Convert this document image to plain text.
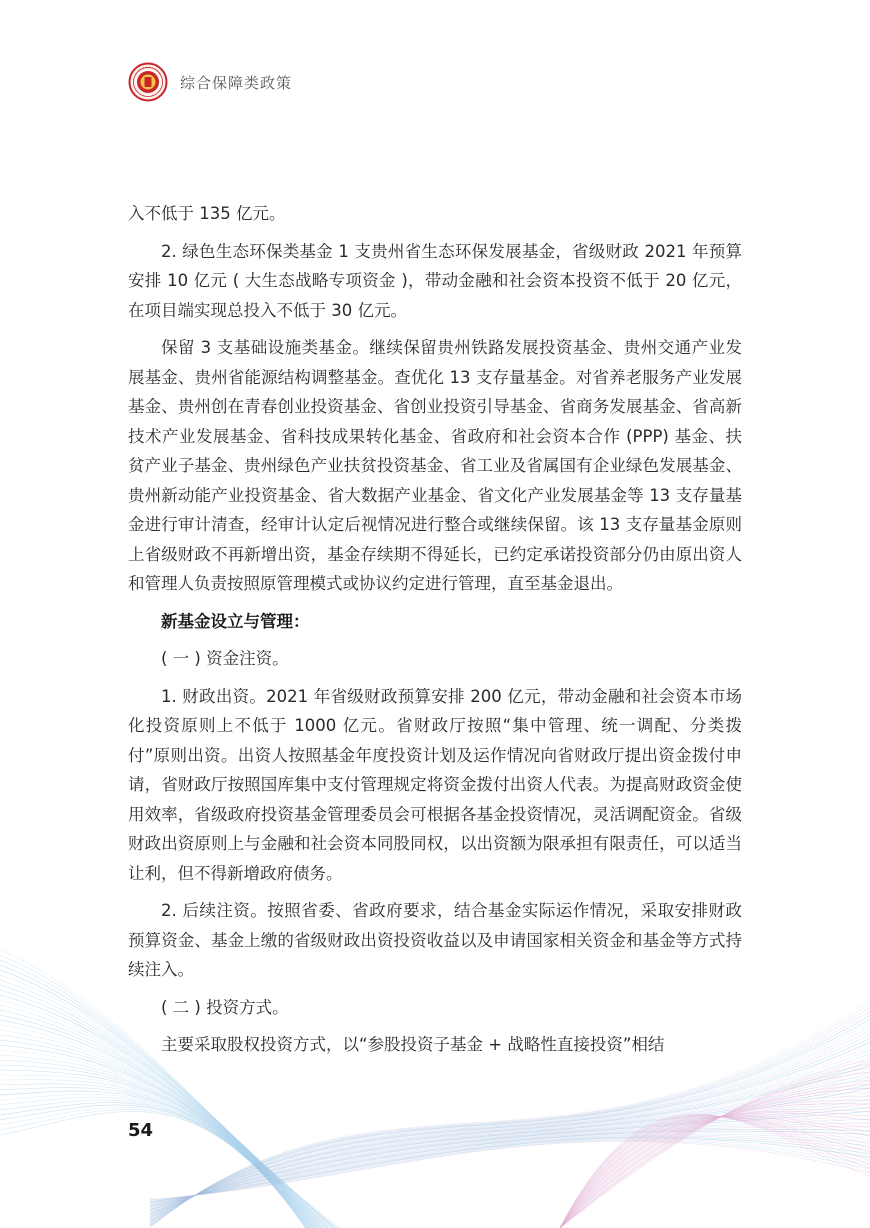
综合保障类政策

入不低于 135 亿元。

2. 绿色生态环保类基金 1 支贵州省生态环保发展基金，省级财政 2021 年预算安排 10 亿元 ( 大生态战略专项资金 )，带动金融和社会资本投资不低于 20 亿元，在项目端实现总投入不低于 30 亿元。

保留 3 支基础设施类基金。继续保留贵州铁路发展投资基金、贵州交通产业发展基金、贵州省能源结构调整基金。查优化 13 支存量基金。对省养老服务产业发展基金、贵州创在青春创业投资基金、省创业投资引导基金、省商务发展基金、省高新技术产业发展基金、省科技成果转化基金、省政府和社会资本合作 (PPP) 基金、扶贫产业子基金、贵州绿色产业扶贫投资基金、省工业及省属国有企业绿色发展基金、贵州新动能产业投资基金、省大数据产业基金、省文化产业发展基金等 13 支存量基金进行审计清查，经审计认定后视情况进行整合或继续保留。该 13 支存量基金原则上省级财政不再新增出资，基金存续期不得延长，已约定承诺投资部分仍由原出资人和管理人负责按照原管理模式或协议约定进行管理，直至基金退出。

新基金设立与管理：

( 一 ) 资金注资。

1. 财政出资。2021 年省级财政预算安排 200 亿元，带动金融和社会资本市场化投资原则上不低于 1000 亿元。省财政厅按照“集中管理、统一调配、分类拨付”原则出资。出资人按照基金年度投资计划及运作情况向省财政厅提出资金拨付申请，省财政厅按照国库集中支付管理规定将资金拨付出资人代表。为提高财政资金使用效率，省级政府投资基金管理委员会可根据各基金投资情况，灵活调配资金。省级财政出资原则上与金融和社会资本同股同权，以出资额为限承担有限责任，可以适当让利，但不得新增政府债务。

2. 后续注资。按照省委、省政府要求，结合基金实际运作情况，采取安排财政预算资金、基金上缴的省级财政出资投资收益以及申请国家相关资金和基金等方式持续注入。

( 二 ) 投资方式。

主要采取股权投资方式，以“参股投资子基金 + 战略性直接投资”相结

54
